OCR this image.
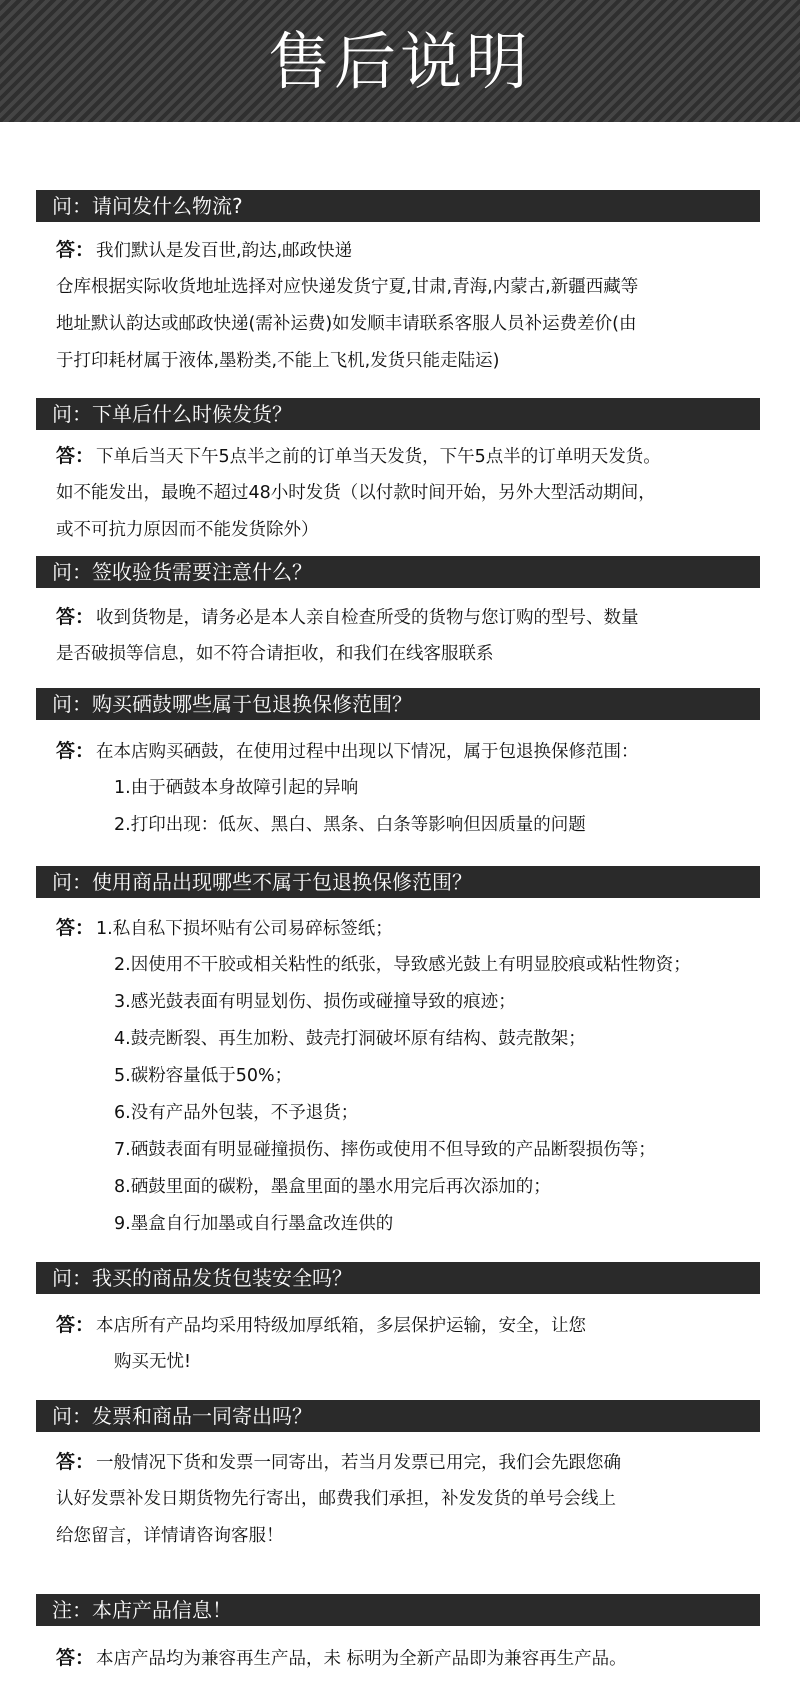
售后说明
问：请问发什么物流?
答： 我们默认是发百世,韵达,邮政快递
仓库根据实际收货地址选择对应快递发货宁夏,甘肃,青海,内蒙古,新疆西藏等
地址默认韵达或邮政快递(需补运费)如发顺丰请联系客服人员补运费差价(由
于打印耗材属于液体,墨粉类,不能上飞机,发货只能走陆运)
问：下单后什么时候发货？
答： 下单后当天下午5点半之前的订单当天发货，下午5点半的订单明天发货。
如不能发出，最晚不超过48小时发货（以付款时间开始，另外大型活动期间，
或不可抗力原因而不能发货除外）
问：签收验货需要注意什么？
答： 收到货物是，请务必是本人亲自检查所受的货物与您订购的型号、数量
是否破损等信息，如不符合请拒收，和我们在线客服联系
问：购买硒鼓哪些属于包退换保修范围？
答： 在本店购买硒鼓，在使用过程中出现以下情况，属于包退换保修范围：
1.由于硒鼓本身故障引起的异响
2.打印出现：低灰、黑白、黑条、白条等影响但因质量的问题
问：使用商品出现哪些不属于包退换保修范围？
答： 1.私自私下损坏贴有公司易碎标签纸；
2.因使用不干胶或相关粘性的纸张，导致感光鼓上有明显胶痕或粘性物资；
3.感光鼓表面有明显划伤、损伤或碰撞导致的痕迹；
4.鼓壳断裂、再生加粉、鼓壳打洞破坏原有结构、鼓壳散架；
5.碳粉容量低于50%；
6.没有产品外包装，不予退货；
7.硒鼓表面有明显碰撞损伤、摔伤或使用不但导致的产品断裂损伤等；
8.硒鼓里面的碳粉，墨盒里面的墨水用完后再次添加的；
9.墨盒自行加墨或自行墨盒改连供的
问：我买的商品发货包装安全吗？
答： 本店所有产品均采用特级加厚纸箱，多层保护运输，安全，让您
购买无忧!
问：发票和商品一同寄出吗？
答： 一般情况下货和发票一同寄出，若当月发票已用完，我们会先跟您确
认好发票补发日期货物先行寄出，邮费我们承担，补发发货的单号会线上
给您留言，详情请咨询客服！
注：本店产品信息！
答： 本店产品均为兼容再生产品，未 标明为全新产品即为兼容再生产品。
